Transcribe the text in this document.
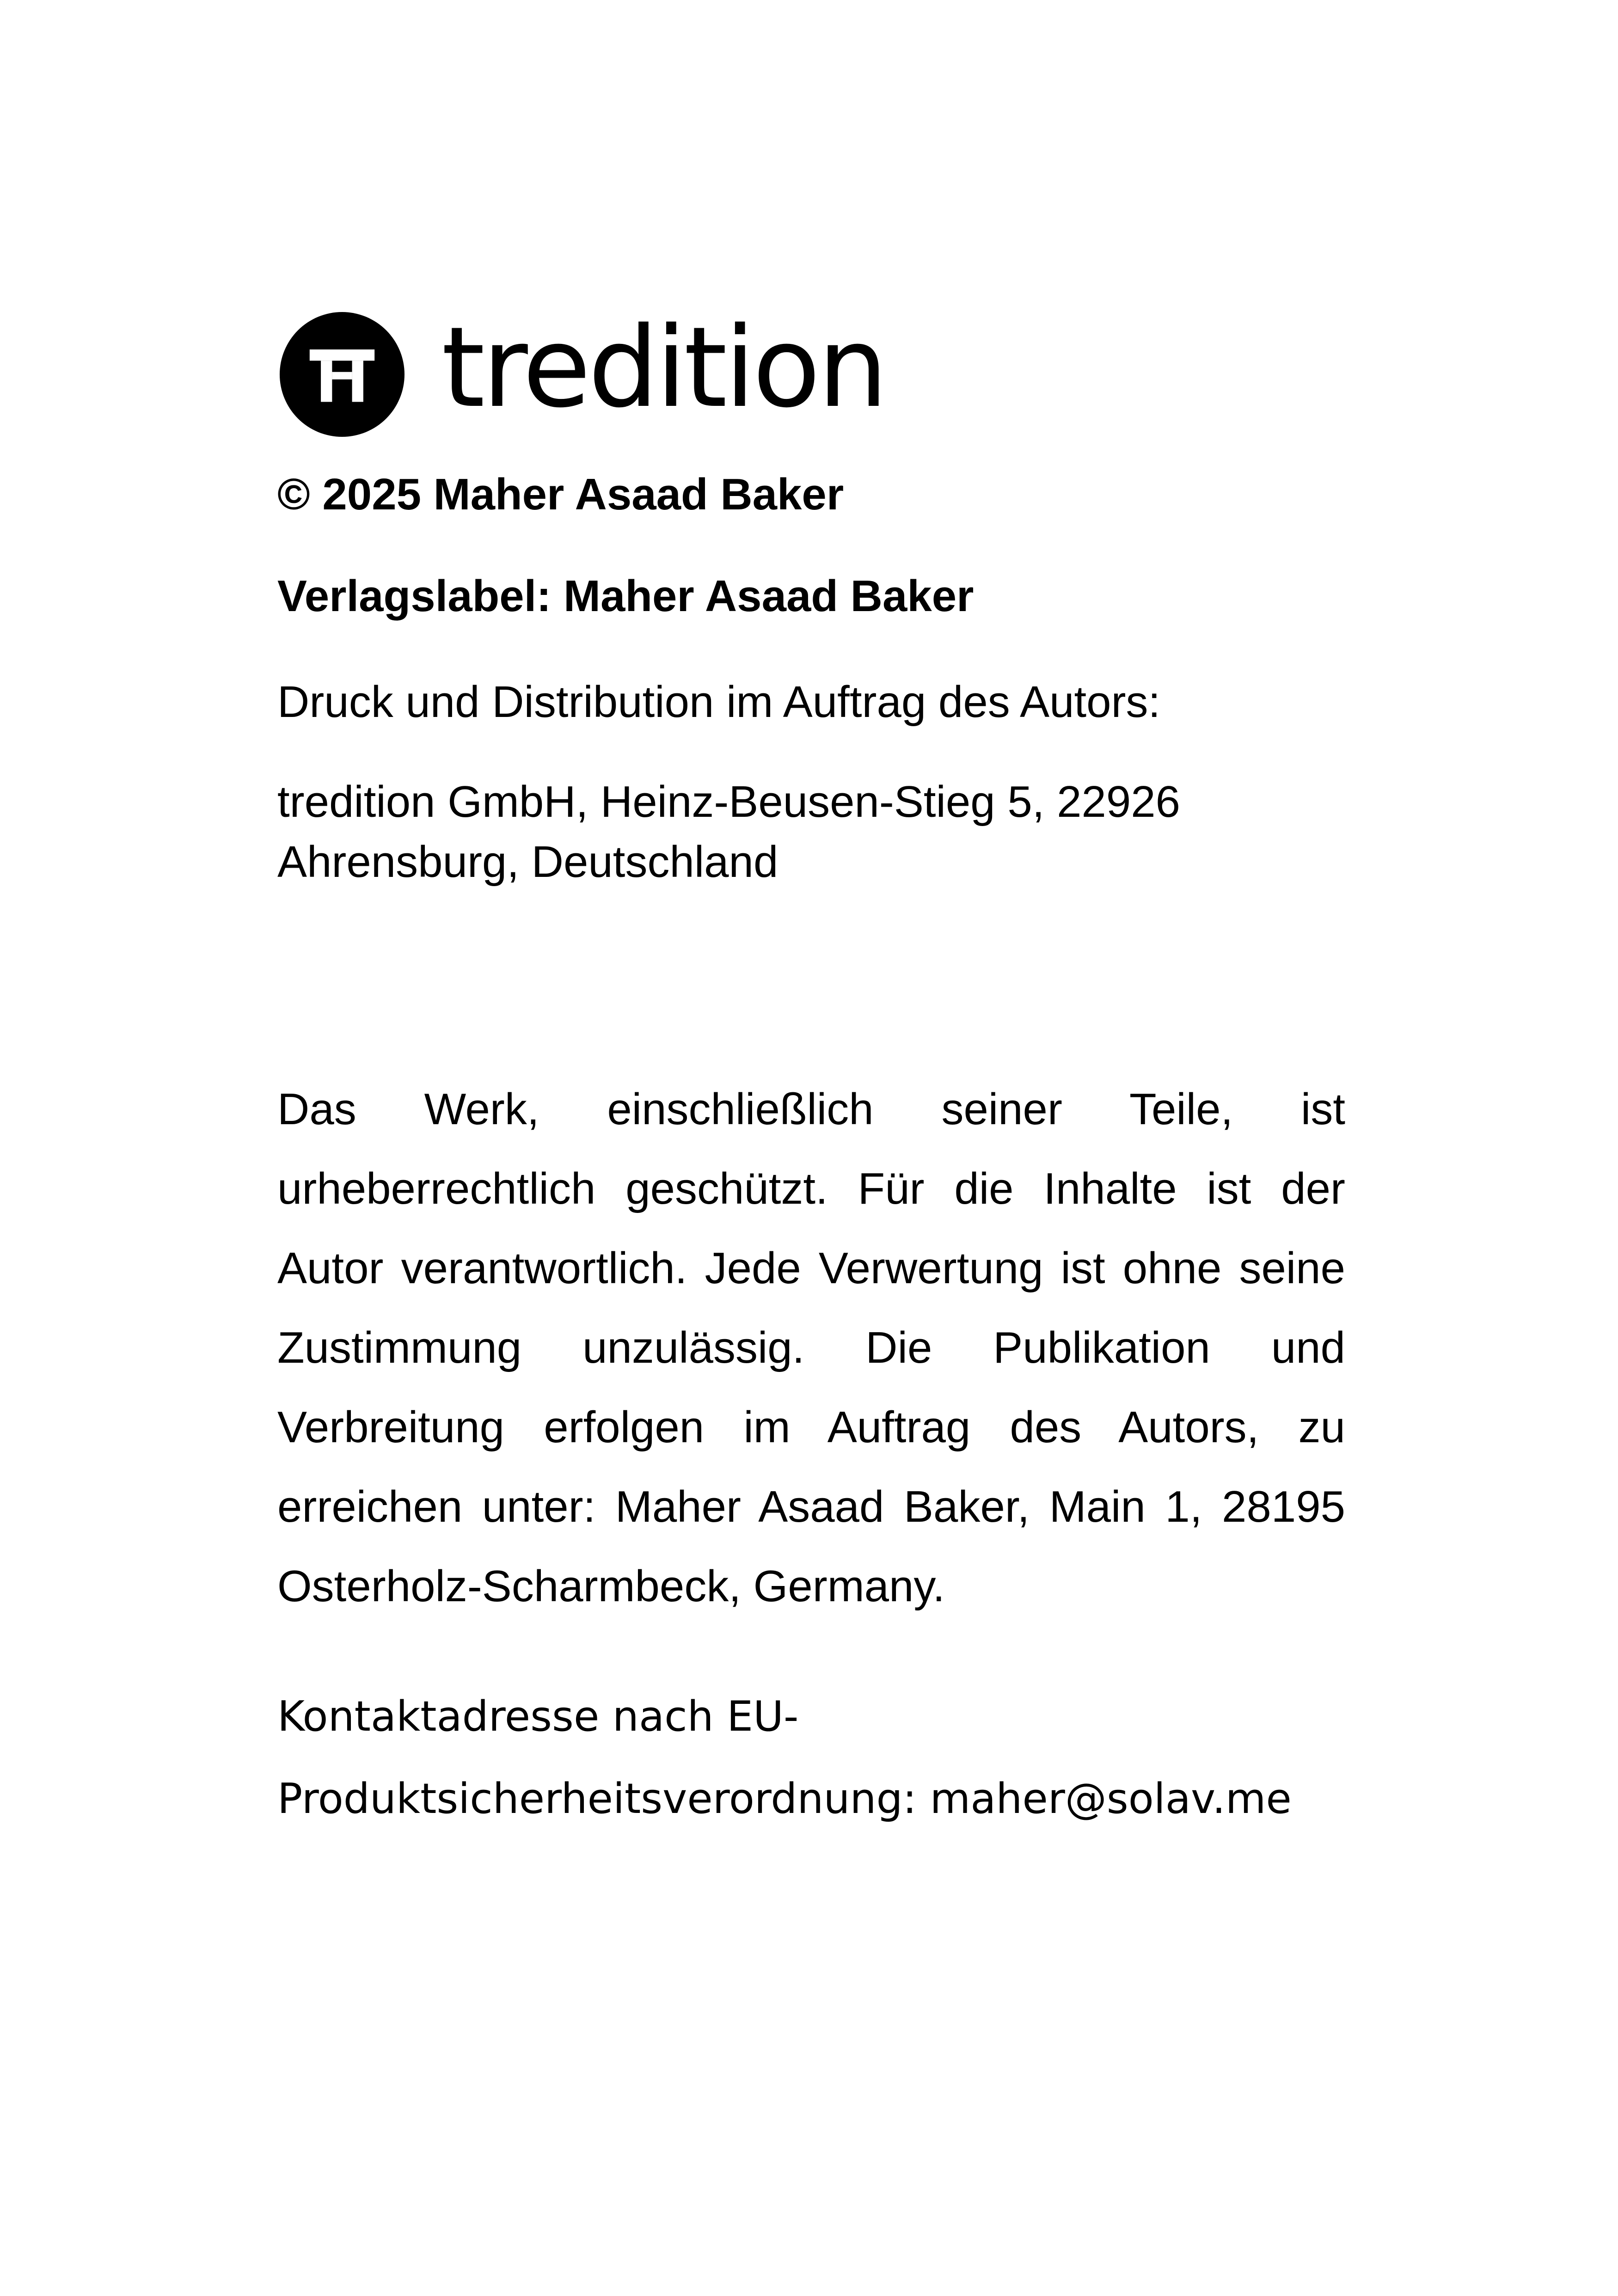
tredition
© 2025 Maher Asaad Baker
Verlagslabel: Maher Asaad Baker
Druck und Distribution im Auftrag des Autors:
tredition GmbH, Heinz-Beusen-Stieg 5, 22926 Ahrensburg, Deutschland

Das Werk, einschließlich seiner Teile, ist urheberrechtlich geschützt. Für die Inhalte ist der Autor verantwortlich. Jede Verwertung ist ohne seine Zustimmung unzulässig. Die Publikation und Verbreitung erfolgen im Auftrag des Autors, zu erreichen unter: Maher Asaad Baker, Main 1, 28195 Osterholz-Scharmbeck, Germany.

Kontaktadresse nach EU-
Produktsicherheitsverordnung: maher@solav.me
